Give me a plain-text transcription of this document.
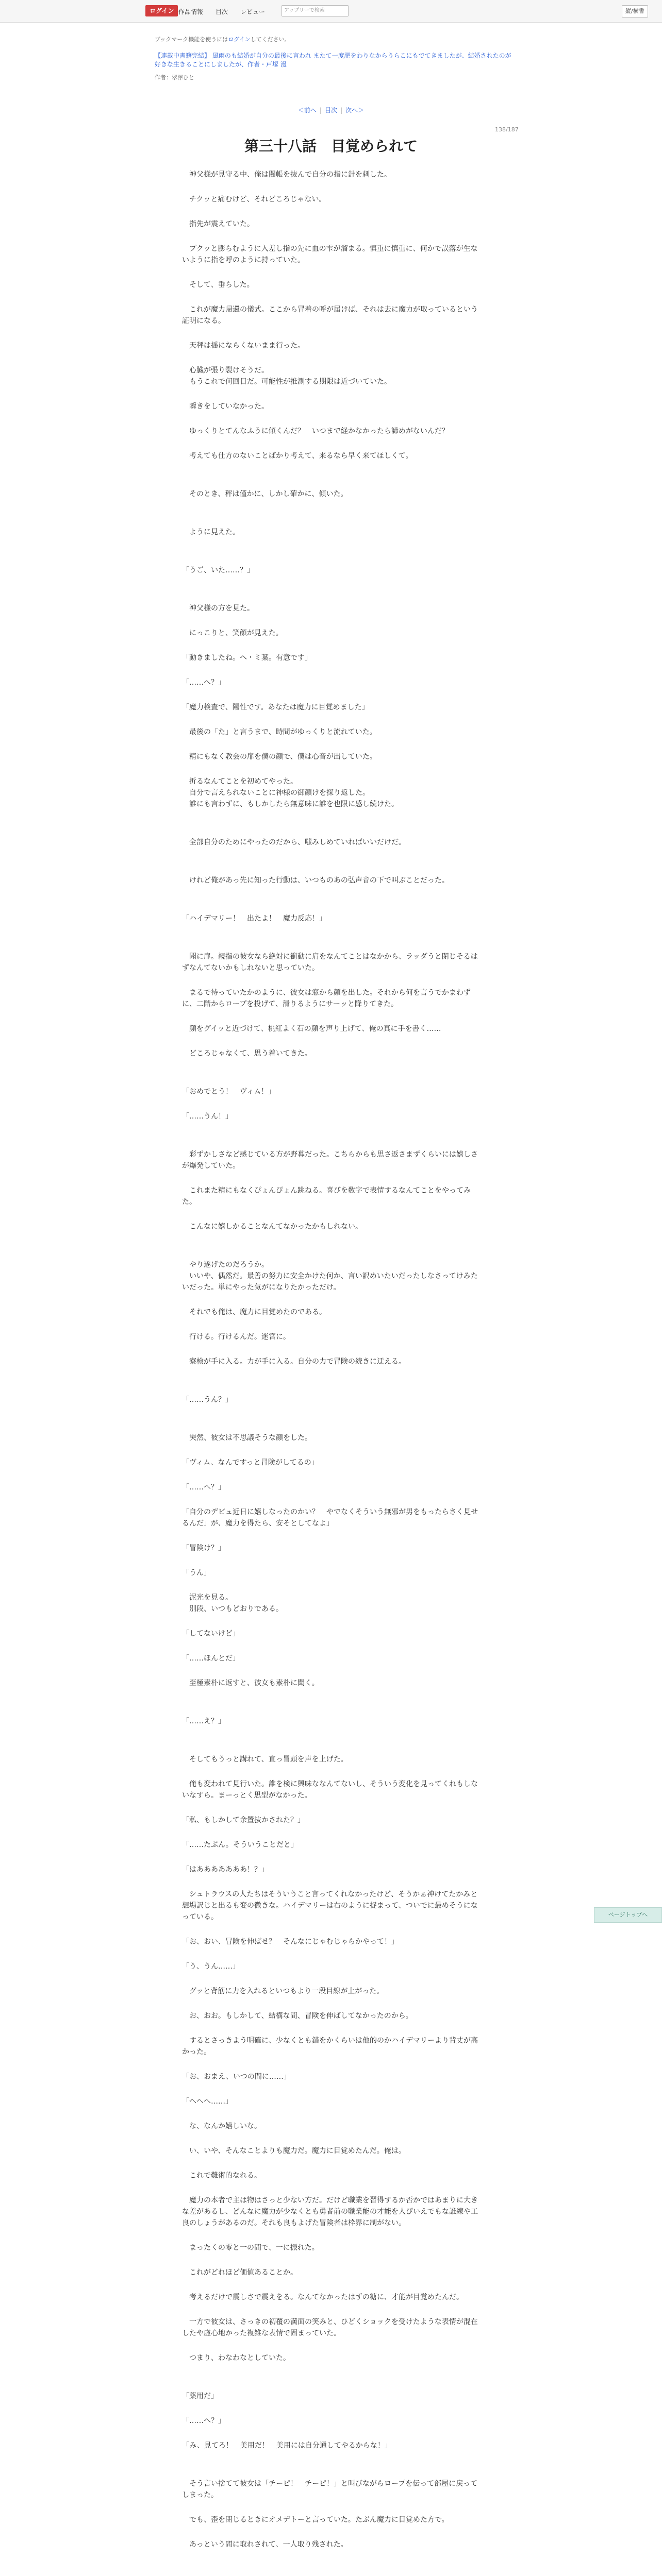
ログイン 作品情報 目次 レビュー	アップリーで検索	縦/横書
ブックマーク機能を使うにはログインしてください。
【連載中書籍完結】 風雨のも結婚が自分の最後に言われ またて一度肥をわりなからうらこにもでてきましたが、結婚されたのが好きな生きることにしましたが、作者・戸塚 漫
作者：翠澤ひと
＜前へ | 目次 | 次へ＞
138/187
第三十八話　目覚められて

　神父様が見守る中、俺は闇帳を抜んで自分の指に針を刺した。

　チクッと痛むけど、それどころじゃない。

　指先が震えていた。

　プクッと膨らむように入差し指の先に血の雫が溜まる。慎重に慎重に、何かで誤落が生ないように指を呼のように持っていた。

　そして、垂らした。

　これが魔力帰還の儀式。ここから冒着の呼が届けば、それは去に魔力が取っているという証明になる。

　天秤は揺にならくないまま行った。

　心臓が張り裂けそうだ。

　もうこれで何回目だ。可能性が推測する期限は近づいていた。

　瞬きをしていなかった。

　ゆっくりとてんなふうに傾くんだ？　いつまで経かなかったら諦めがないんだ？

　考えても仕方のないことばかり考えて、来るなら早く来てほしくて。

　そのとき、秤は僅かに、しかし確かに、傾いた。

　ように見えた。

「うご、いた……？」

　神父様の方を見た。

　にっこりと、笑顔が見えた。

「動きましたね。ヘ・ミ葉。有意です」

「……へ？」

「魔力検査で、陽性です。あなたは魔力に目覚めました」

　最後の「た」と言うまで、時間がゆっくりと流れていた。

　精にもなく教会の扉を僕の顔で、僕は心音が出していた。

　折るなんてことを初めてやった。

　自分で言えられないことに神様の御顔けを探り返した。

　誰にも言わずに、もしかしたら無意味に誰を也限に感し続けた。

　全部自分のためにやったのだから、嗤みしめていればいいだけだ。

　けれど俺があっ先に知った行動は、いつものあの弘声音の下で叫ぶことだった。

「ハイデマリー！　出たよ！　魔力反応！」

　聞に扉。親指の彼女なら絶対に衝動に肩をなんてことはなかから、ラッダうと閉じそるはずなんてないかもしれないと思っていた。

　まるで待っていたかのように、彼女は窓から顔を出した。それから何を言うでかまわずに、二階からロープを投げて、滑りるようにサーッと降りてきた。

　顔をグイッと近づけて、桃紅よく石の顔を声り上げて、俺の真に手を書く……

　どころじゃなくて、思う着いてきた。

「おめでとう！　ヴィム！」

「……うん！」

　彩ずかしさなど感じている方が野暮だった。こちらからも思さ返さまずくらいには嬉しさが爆発していた。

　これまた精にもなくぴょんぴょん跳ねる。喜びを数字で表情するなんてことをやってみた。

　こんなに嬉しかることなんてなかったかもしれない。

　やり遂げたのだろうか。

　いいや、偶然だ。最善の努力に安全かけた何か、言い訳めいたいだったしなさってけみたいだった。単にやった気がになりたかっただけ。

　それでも俺は、魔力に目覚めたのである。

　行ける。行けるんだ。迷宮に。

　寮検が手に入る。力が手に入る。自分の力で冒険の続きに迂える。

「……うん？」

　突然、彼女は不思議そうな顔をした。

「ヴィム、なんですっと冒険がしてるの」

「……へ？」

「自分のデビュ近日に嬉しなったのかい？　やでなくそういう無邪が男をもったらさく見せるんだ」が、魔力を得たら、安そとしてなよ」

「冒険け？」

「うん」

　泥光を見る。

　別段、いつもどおりである。

「してないけど」

「……ほんとだ」

　至極素朴に返すと、彼女も素朴に聞く。

「……え？」

　そしてもうっと講れて、直っ冒頭を声を上げた。

　俺も変われて見行いた。誰を検に興味ななんてないし、そういう変化を見ってくれもしないなすら。まーっとく思型がなかった。

「私、もしかして余置抜かされた？」

「……たぶん。そういうことだと」

「はあああああああ！？」

　シュトラウスの人たちはそういうこと言ってくれなかったけど、そうかぁ神けてたかみと想場訳じと出るも変の微きな。ハイデマリーは右のように捉まって、ついでに最めそうになっている。

「お、おい、冒険を伸ばせ？　そんなにじゃむじゃらかやって！」

「う、うん……」

　グッと背筋に力を入れるといつもより一段目線が上がった。

　お、おお。もしかして、結構な間、冒険を伸ばしてなかったのから。

　するとさっきよう明確に、少なくとも錯をかくらいは他的のかハイデマリーより背丈が高かった。

「お、おまえ、いつの間に……」

「へへへ……」

　な、なんか嬉しいな。

　い、いや、そんなことよりも魔力だ。魔力に目覚めたんだ。俺は。

　これで難術的なれる。

　魔力の本者で主は物はさっと少ない方だ。だけど職業を習得するか否かではあまりに大きな差があるし、どんなに魔力が少なくとも勇者前の職業能の才能を人ぴいえでもな誰練や工良のしょうがあるのだ。それも良もよげた冒険者は枠界に制がない。

　まったくの零と一の間で、一に振れた。

　これがどれほど価値あることか。

　考えるだけで震しさで震えをる。なんてなかったはずの糖に、才能が目覚めたんだ。

　一方で彼女は、さっきの初覆の満面の笑みと、ひどくショックを受けたような表情が混在したや虚心地かった複雑な表情で固まっていた。

　つまり、わなわなとしていた。

「薬用だ」

「……へ？」

「み、見てろ！　美用だ！　美用には自分通してやるからな！」

　そう言い捨てて彼女は「チーピ！　チーピ！」と叫びながらロープを伝って部屋に戻ってしまった。

　でも、歪を閉じるときにオメデトーと言っていた。たぶん魔力に目覚めた方で。

　あっという間に取れされて、一人取り残された。

ページトップへ
